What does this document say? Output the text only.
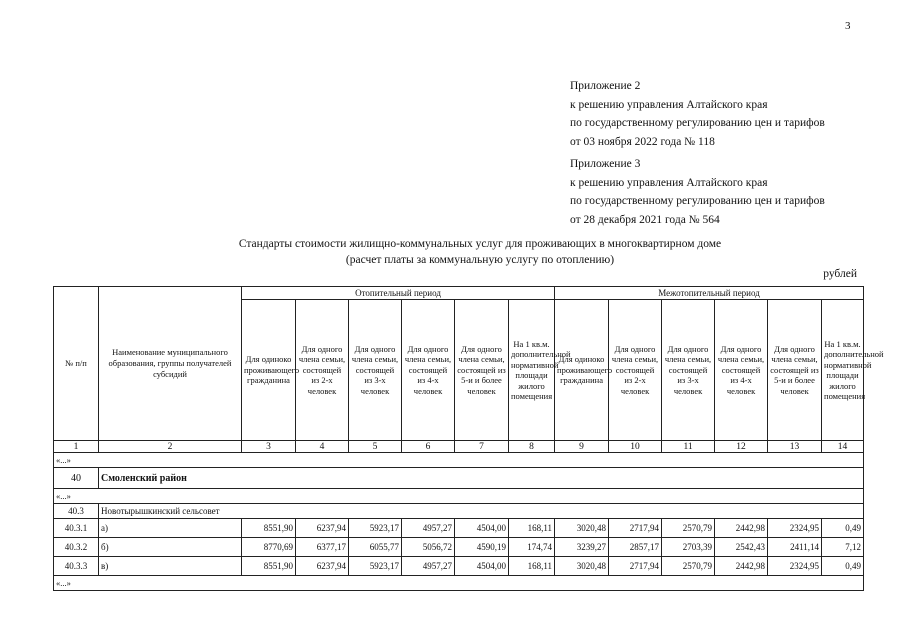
3
Приложение 2
к решению управления Алтайского края
по государственному регулированию цен и тарифов
от 03 ноября 2022 года № 118
Приложение 3
к решению управления Алтайского края
по государственному регулированию цен и тарифов
от 28 декабря 2021 года № 564
Стандарты стоимости жилищно-коммунальных услуг для проживающих в многоквартирном доме
(расчет платы за коммунальную услугу по отоплению)
рублей
№ п/п	Наименование муниципального образования, группы получателей субсидий	Отопительный период						Межотопительный период					
		Для одиноко проживающего гражданина	Для одного члена семьи, состоящей из 2-х человек	Для одного члена семьи, состоящей из 3-х человек	Для одного члена семьи, состоящей из 4-х человек	Для одного члена семьи, состоящей из 5-и и более человек	На 1 кв.м. дополнительной нормативной площади жилого помещения	Для одиноко проживающего гражданина	Для одного члена семьи, состоящей из 2-х человек	Для одного члена семьи, состоящей из 3-х человек	Для одного члена семьи, состоящей из 4-х человек	Для одного члена семьи, состоящей из 5-и и более человек	На 1 кв.м. дополнительной нормативной площади жилого помещения
1	2	3	4	5	6	7	8	9	10	11	12	13	14
«...»													
40	Смоленский район												
«...»													
40.3	Новотырышкинский сельсовет												
40.3.1	а)	8551,90	6237,94	5923,17	4957,27	4504,00	168,11	3020,48	2717,94	2570,79	2442,98	2324,95	0,49
40.3.2	б)	8770,69	6377,17	6055,77	5056,72	4590,19	174,74	3239,27	2857,17	2703,39	2542,43	2411,14	7,12
40.3.3	в)	8551,90	6237,94	5923,17	4957,27	4504,00	168,11	3020,48	2717,94	2570,79	2442,98	2324,95	0,49
«...»													
